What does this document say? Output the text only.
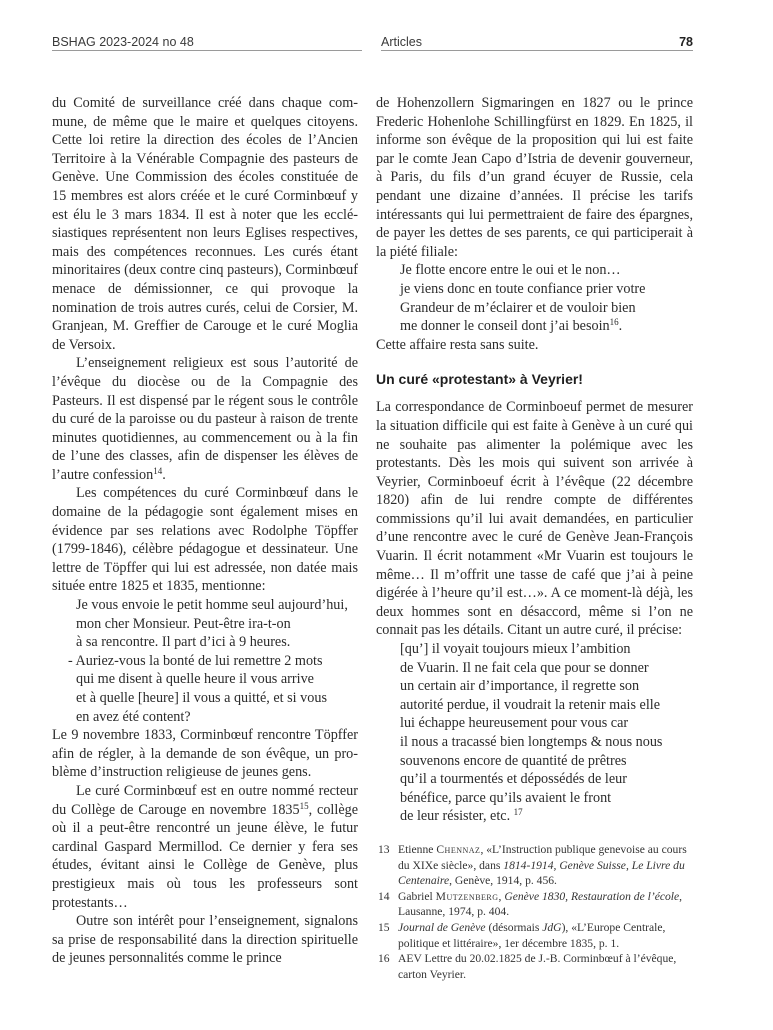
BSHAG 2023-2024 no 48	Articles	78

du Comité de surveillance créé dans chaque commune, de même que le maire et quelques citoyens. Cette loi retire la direction des écoles de l’Ancien Territoire à la Vénérable Compagnie des pasteurs de Genève. Une Commission des écoles constituée de 15 membres est alors créée et le curé Corminbœuf y est élu le 3 mars 1834. Il est à noter que les ecclésiastiques représentent non leurs Eglises respectives, mais des compétences reconnues. Les curés étant minoritaires (deux contre cinq pasteurs), Corminbœuf menace de démissionner, ce qui provoque la nomination de trois autres curés, celui de Corsier, M. Granjean, M. Greffier de Carouge et le curé Moglia de Versoix.

L’enseignement religieux est sous l’autorité de l’évêque du diocèse ou de la Compagnie des Pasteurs. Il est dispensé par le régent sous le contrôle du curé de la paroisse ou du pasteur à raison de trente minutes quotidiennes, au commencement ou à la fin de l’une des classes, afin de dispenser les élèves de l’autre confession$^{14}$.

Les compétences du curé Corminbœuf dans le domaine de la pédagogie sont également mises en évidence par ses relations avec Rodolphe Töpffer (1799-1846), célèbre pédagogue et dessinateur. Une lettre de Töpffer qui lui est adressée, non datée mais située entre 1825 et 1835, mentionne:

Je vous envoie le petit homme seul aujourd’hui,
mon cher Monsieur. Peut-être ira-t-on
à sa rencontre. Il part d’ici à 9 heures.
- Auriez-vous la bonté de lui remettre 2 mots
qui me disent à quelle heure il vous arrive
et à quelle [heure] il vous a quitté, et si vous
en avez été content?

Le 9 novembre 1833, Corminbœuf rencontre Töpffer afin de régler, à la demande de son évêque, un problème d’instruction religieuse de jeunes gens.

Le curé Corminbœuf est en outre nommé recteur du Collège de Carouge en novembre 1835$^{15}$, collège où il a peut-être rencontré un jeune élève, le futur cardinal Gaspard Mermillod. Ce dernier y fera ses études, évitant ainsi le Collège de Genève, plus prestigieux mais où tous les professeurs sont protestants…

Outre son intérêt pour l’enseignement, signalons sa prise de responsabilité dans la direction spirituelle de jeunes personnalités comme le prince

de Hohenzollern Sigmaringen en 1827 ou le prince Frederic Hohenlohe Schillingfürst en 1829. En 1825, il informe son évêque de la proposition qui lui est faite par le comte Jean Capo d’Istria de devenir gouverneur, à Paris, du fils d’un grand écuyer de Russie, cela pendant une dizaine d’années. Il précise les tarifs intéressants qui lui permettraient de faire des épargnes, de payer les dettes de ses parents, ce qui participerait à la piété filiale:

Je flotte encore entre le oui et le non…
je viens donc en toute confiance prier votre
Grandeur de m’éclairer et de vouloir bien
me donner le conseil dont j’ai besoin$^{16}$.

Cette affaire resta sans suite.

Un curé «protestant» à Veyrier!

La correspondance de Corminboeuf permet de mesurer la situation difficile qui est faite à Genève à un curé qui ne souhaite pas alimenter la polémique avec les protestants. Dès les mois qui suivent son arrivée à Veyrier, Corminboeuf écrit à l’évêque (22 décembre 1820) afin de lui rendre compte de différentes commissions qu’il lui avait demandées, en particulier d’une rencontre avec le curé de Genève Jean-François Vuarin. Il écrit notamment «Mr Vuarin est toujours le même… Il m’offrit une tasse de café que j’ai à peine digérée à l’heure qu’il est…». A ce moment-là déjà, les deux hommes sont en désaccord, même si l’on ne connait pas les détails. Citant un autre curé, il précise:

[qu’] il voyait toujours mieux l’ambition
de Vuarin. Il ne fait cela que pour se donner
un certain air d’importance, il regrette son
autorité perdue, il voudrait la retenir mais elle
lui échappe heureusement pour vous car
il nous a tracassé bien longtemps & nous nous
souvenons encore de quantité de prêtres
qu’il a tourmentés et dépossédés de leur
bénéfice, parce qu’ils avaient le front
de leur résister, etc. $^{17}$
13 Etienne Chennaz, «L’Instruction publique genevoise au cours du XIXe siècle», dans 1814-1914, Genève Suisse, Le Livre du Centenaire, Genève, 1914, p. 456.
14 Gabriel Mutzenberg, Genève 1830, Restauration de l’école, Lausanne, 1974, p. 404.
15 Journal de Genève (désormais JdG), «L’Europe Centrale, politique et littéraire», 1er décembre 1835, p. 1.
16 AEV Lettre du 20.02.1825 de J.-B. Corminbœuf à l’évêque, carton Veyrier.
